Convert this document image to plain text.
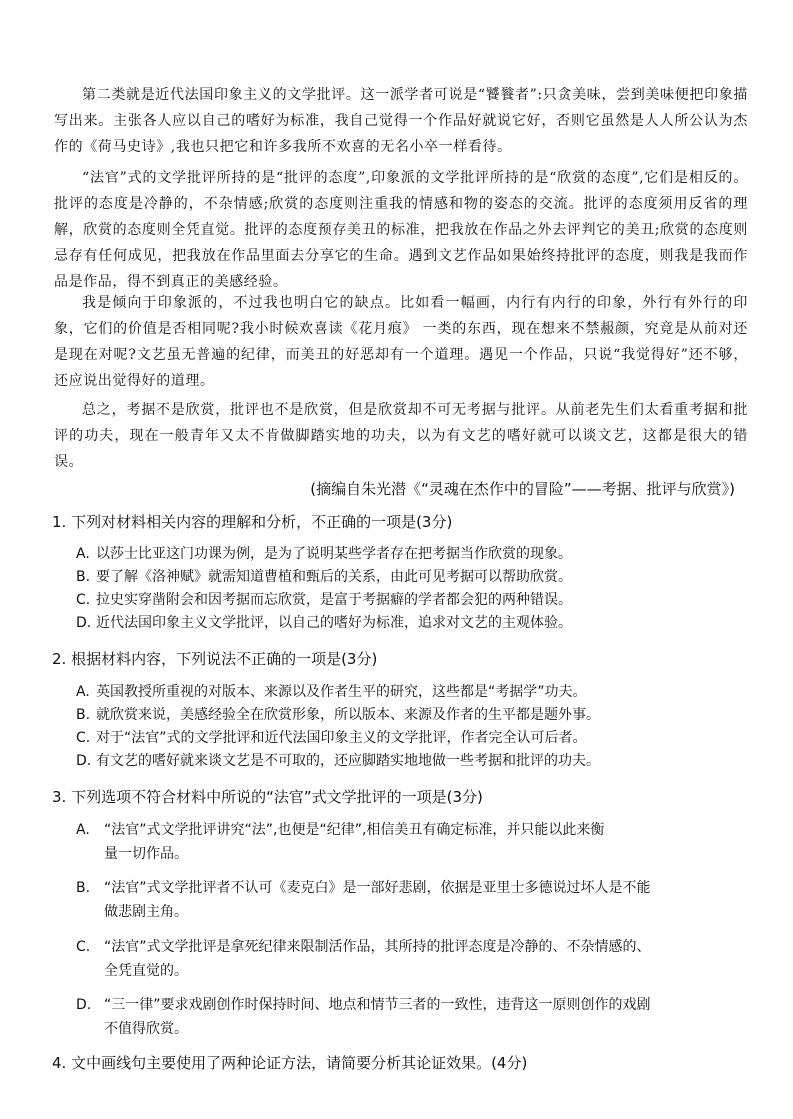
第二类就是近代法国印象主义的文学批评。这一派学者可说是“饕餮者”:只贪美味，尝到美味便把印象描写出来。主张各人应以自己的嗜好为标准，我自己觉得一个作品好就说它好，否则它虽然是人人所公认为杰作的《荷马史诗》,我也只把它和许多我所不欢喜的无名小卒一样看待。

“法官”式的文学批评所持的是“批评的态度”,印象派的文学批评所持的是“欣赏的态度”,它们是相反的。批评的态度是冷静的，不杂情感;欣赏的态度则注重我的情感和物的姿态的交流。批评的态度须用反省的理解，欣赏的态度则全凭直觉。批评的态度预存美丑的标准，把我放在作品之外去评判它的美丑;欣赏的态度则忌存有任何成见，把我放在作品里面去分享它的生命。遇到文艺作品如果始终持批评的态度，则我是我而作品是作品，得不到真正的美感经验。

我是倾向于印象派的，不过我也明白它的缺点。比如看一幅画，内行有内行的印象，外行有外行的印象，它们的价值是否相同呢?我小时候欢喜读《花月痕》 一类的东西，现在想来不禁赧颜，究竟是从前对还是现在对呢?文艺虽无普遍的纪律，而美丑的好恶却有一个道理。遇见一个作品，只说“我觉得好”还不够，还应说出觉得好的道理。

总之，考据不是欣赏，批评也不是欣赏，但是欣赏却不可无考据与批评。从前老先生们太看重考据和批评的功夫，现在一般青年又太不肯做脚踏实地的功夫，以为有文艺的嗜好就可以谈文艺，这都是很大的错误。

(摘编自朱光潜《“灵魂在杰作中的冒险”——考据、批评与欣赏》)

1. 下列对材料相关内容的理解和分析，不正确的一项是(3分)

A. 以莎士比亚这门功课为例，是为了说明某些学者存在把考据当作欣赏的现象。

B. 要了解《洛神赋》就需知道曹植和甄后的关系，由此可见考据可以帮助欣赏。

C. 拉史实穿凿附会和因考据而忘欣赏，是富于考据癖的学者都会犯的两种错误。

D. 近代法国印象主义文学批评，以自己的嗜好为标准，追求对文艺的主观体验。

2. 根据材料内容，下列说法不正确的一项是(3分)

A. 英国教授所重视的对版本、来源以及作者生平的研究，这些都是“考据学”功夫。

B. 就欣赏来说，美感经验全在欣赏形象，所以版本、来源及作者的生平都是题外事。

C. 对于“法官”式的文学批评和近代法国印象主义的文学批评，作者完全认可后者。

D. 有文艺的嗜好就来谈文艺是不可取的，还应脚踏实地地做一些考据和批评的功夫。

3. 下列选项不符合材料中所说的“法官”式文学批评的一项是(3分)

A. “法官”式文学批评讲究“法”,也便是“纪律”,相信美丑有确定标准，并只能以此来衡
量一切作品。
B. “法官”式文学批评者不认可《麦克白》是一部好悲剧，依据是亚里士多德说过坏人是不能
做悲剧主角。
C. “法官”式文学批评是拿死纪律来限制活作品，其所持的批评态度是冷静的、不杂情感的、
全凭直觉的。
D. “三一律”要求戏剧创作时保持时间、地点和情节三者的一致性，违背这一原则创作的戏剧
不值得欣赏。

4. 文中画线句主要使用了两种论证方法，请简要分析其论证效果。(4分)
